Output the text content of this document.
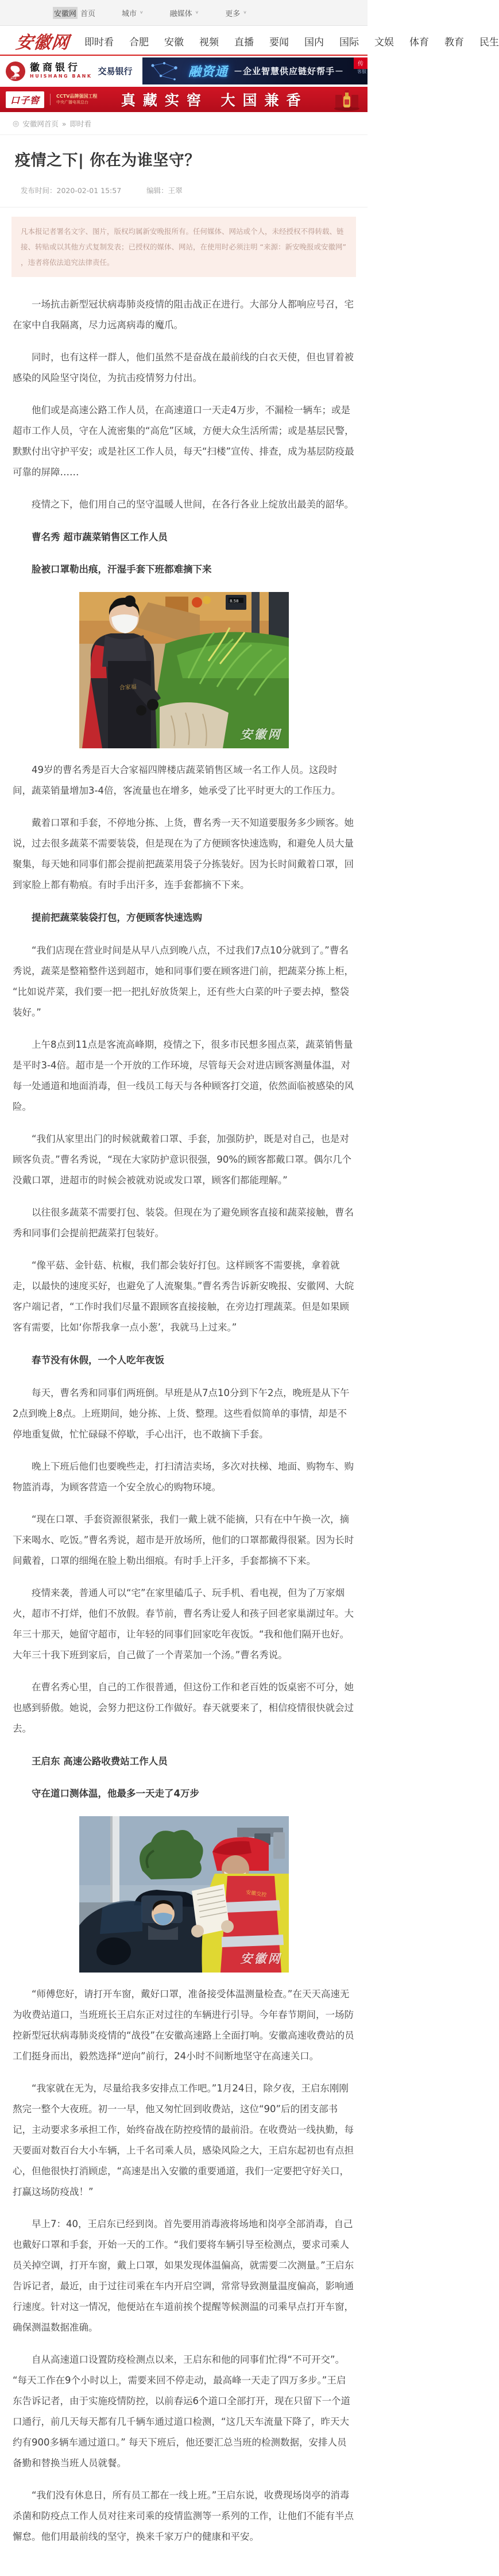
安徽网 首页	城市 ∨	融媒体 ∨	更多 ∨
安徽网 即时看 合肥 安徽 视频 直播 要闻 国内 国际 文娱 体育 教育 民生
ank
徽商银行
HUISHANG BANK 交易银行	融资通 －企业智慧供应链好帮手－
传
客服
口子窖	CCTV品牌强国工程
中央广播电视总台	真藏实窖 大国兼香
◎ 安徽网首页 » 即时看
疫情之下| 你在为谁坚守？
发布时间：2020-02-01 15:57	编辑：王翠
凡本报记者署名文字、图片，版权均属新安晚报所有。任何媒体、网站或个人，未经授权不得转载、链接、转贴或以其他方式复制发表；已授权的媒体、网站，在使用时必须注明 “来源：新安晚报或安徽网” ，违者将依法追究法律责任。

一场抗击新型冠状病毒肺炎疫情的阻击战正在进行。大部分人都响应号召，宅在家中自我隔离，尽力远离病毒的魔爪。

同时，也有这样一群人，他们虽然不是奋战在最前线的白衣天使，但也冒着被感染的风险坚守岗位，为抗击疫情努力付出。

他们或是高速公路工作人员，在高速道口一天走4万步，不漏检一辆车；或是超市工作人员，守在人流密集的“高危”区域，方便大众生活所需；或是基层民警，默默付出守护平安；或是社区工作人员，每天“扫楼”宣传、排查，成为基层防疫最可靠的屏障……

疫情之下，他们用自己的坚守温暖人世间，在各行各业上绽放出最美的韶华。

曹名秀 超市蔬菜销售区工作人员

脸被口罩勒出痕，汗湿手套下班都难摘下来

8.58
合家福
安徽网

49岁的曹名秀是百大合家福四牌楼店蔬菜销售区域一名工作人员。这段时间，蔬菜销量增加3-4倍，客流量也在增多，她承受了比平时更大的工作压力。

戴着口罩和手套，不停地分拣、上货，曹名秀一天不知道要服务多少顾客。她说，过去很多蔬菜不需要装袋，但是现在为了方便顾客快速选购，和避免人员大量聚集，每天她和同事们都会提前把蔬菜用袋子分拣装好。因为长时间戴着口罩，回到家脸上都有勒痕。有时手出汗多，连手套都摘不下来。

提前把蔬菜装袋打包，方便顾客快速选购

“我们店现在营业时间是从早八点到晚八点，不过我们7点10分就到了。”曹名秀说，蔬菜是整箱整件送到超市，她和同事们要在顾客进门前，把蔬菜分拣上柜，“比如说芹菜，我们要一把一把扎好放货架上，还有些大白菜的叶子要去掉，整袋装好。”

上午8点到11点是客流高峰期，疫情之下，很多市民想多囤点菜，蔬菜销售量是平时3-4倍。超市是一个开放的工作环境，尽管每天会对进店顾客测量体温，对每一处通道和地面消毒，但一线员工每天与各种顾客打交道，依然面临被感染的风险。

“我们从家里出门的时候就戴着口罩、手套，加强防护，既是对自己，也是对顾客负责。”曹名秀说，“现在大家防护意识很强，90%的顾客都戴口罩。偶尔几个没戴口罩，进超市的时候会被就劝说或发口罩，顾客们都能理解。”

以往很多蔬菜不需要打包、装袋。但现在为了避免顾客直接和蔬菜接触，曹名秀和同事们会提前把蔬菜打包装好。

“像平菇、金针菇、杭椒，我们都会装好打包。这样顾客不需要挑，拿着就走，以最快的速度买好，也避免了人流聚集。”曹名秀告诉新安晚报、安徽网、大皖客户端记者，“工作时我们尽量不跟顾客直接接触，在旁边打理蔬菜。但是如果顾客有需要，比如‘你帮我拿一点小葱’，我就马上过来。”

春节没有休假，一个人吃年夜饭

每天，曹名秀和同事们两班倒。早班是从7点10分到下午2点，晚班是从下午2点到晚上8点。上班期间，她分拣、上货、整理。这些看似简单的事情，却是不停地重复做，忙忙碌碌不停歇，手心出汗，也不敢摘下手套。

晚上下班后他们也要晚些走，打扫清洁卖场，多次对扶梯、地面、购物车、购物篮消毒，为顾客营造一个安全放心的购物环境。

“现在口罩、手套资源很紧张，我们一戴上就不能摘，只有在中午换一次，摘下来喝水、吃饭。”曹名秀说，超市是开放场所，他们的口罩都戴得很紧。因为长时间戴着，口罩的细绳在脸上勒出细痕。有时手上汗多，手套都摘不下来。

疫情来袭，普通人可以“宅”在家里磕瓜子、玩手机、看电视，但为了万家烟火，超市不打烊，他们不放假。春节前，曹名秀让爱人和孩子回老家巢湖过年。大年三十那天，她留守超市，让年轻的同事们回家吃年夜饭。“我和他们隔开也好。大年三十我下班到家后，自己做了一个青菜加一个汤。”曹名秀说。

在曹名秀心里，自己的工作很普通，但这份工作和老百姓的饭桌密不可分，她也感到骄傲。她说，会努力把这份工作做好。春天就要来了，相信疫情很快就会过去。

王启东 高速公路收费站工作人员

守在道口测体温，他最多一天走了4万步

安徽交控
安徽网

“师傅您好，请打开车窗，戴好口罩，准备接受体温测量检查。”在天天高速无为收费站道口，当班班长王启东正对过往的车辆进行引导。今年春节期间，一场防控新型冠状病毒肺炎疫情的“战役”在安徽高速路上全面打响。安徽高速收费站的员工们挺身而出，毅然选择“逆向”前行，24小时不间断地坚守在高速关口。

“我家就在无为，尽量给我多安排点工作吧。”1月24日，除夕夜，王启东刚刚熬完一整个大夜班。初一一早，他又匆忙回到收费站，这位“90”后的团支部书记，主动要求多承担工作，始终奋战在防控疫情的最前沿。在收费站一线执勤，每天要面对数百台大小车辆，上千名司乘人员，感染风险之大，王启东起初也有点担心，但他很快打消顾虑，“高速是出入安徽的重要通道，我们一定要把守好关口，打赢这场防疫战！”

早上7：40，王启东已经到岗。首先要用消毒液将场地和岗亭全部消毒，自己也戴好口罩和手套，开始一天的工作。“我们要将车辆引导至检测点，要求司乘人员关掉空调，打开车窗，戴上口罩，如果发现体温偏高，就需要二次测量。”王启东告诉记者，最近，由于过往司乘在车内开启空调，常常导致测量温度偏高，影响通行速度。针对这一情况，他便站在车道前挨个提醒等候测温的司乘早点打开车窗，确保测温数据准确。

自从高速道口设置防疫检测点以来，王启东和他的同事们忙得“不可开交”。“每天工作在9个小时以上，需要来回不停走动，最高峰一天走了四万多步。”王启东告诉记者，由于实施疫情防控，以前春运6个道口全部打开，现在只留下一个道口通行，前几天每天都有几千辆车通过道口检测，“这几天车流量下降了，昨天大约有900多辆车通过道口。” 每天下班后，他还要汇总当班的检测数据，安排人员备勤和替换当班人员就餐。

“我们没有休息日，所有员工都在一线上班。”王启东说，收费现场岗亭的消毒杀菌和防疫点工作人员对往来司乘的疫情监测等一系列的工作，让他们不能有半点懈怠。他们用最前线的坚守，换来千家万户的健康和平安。
